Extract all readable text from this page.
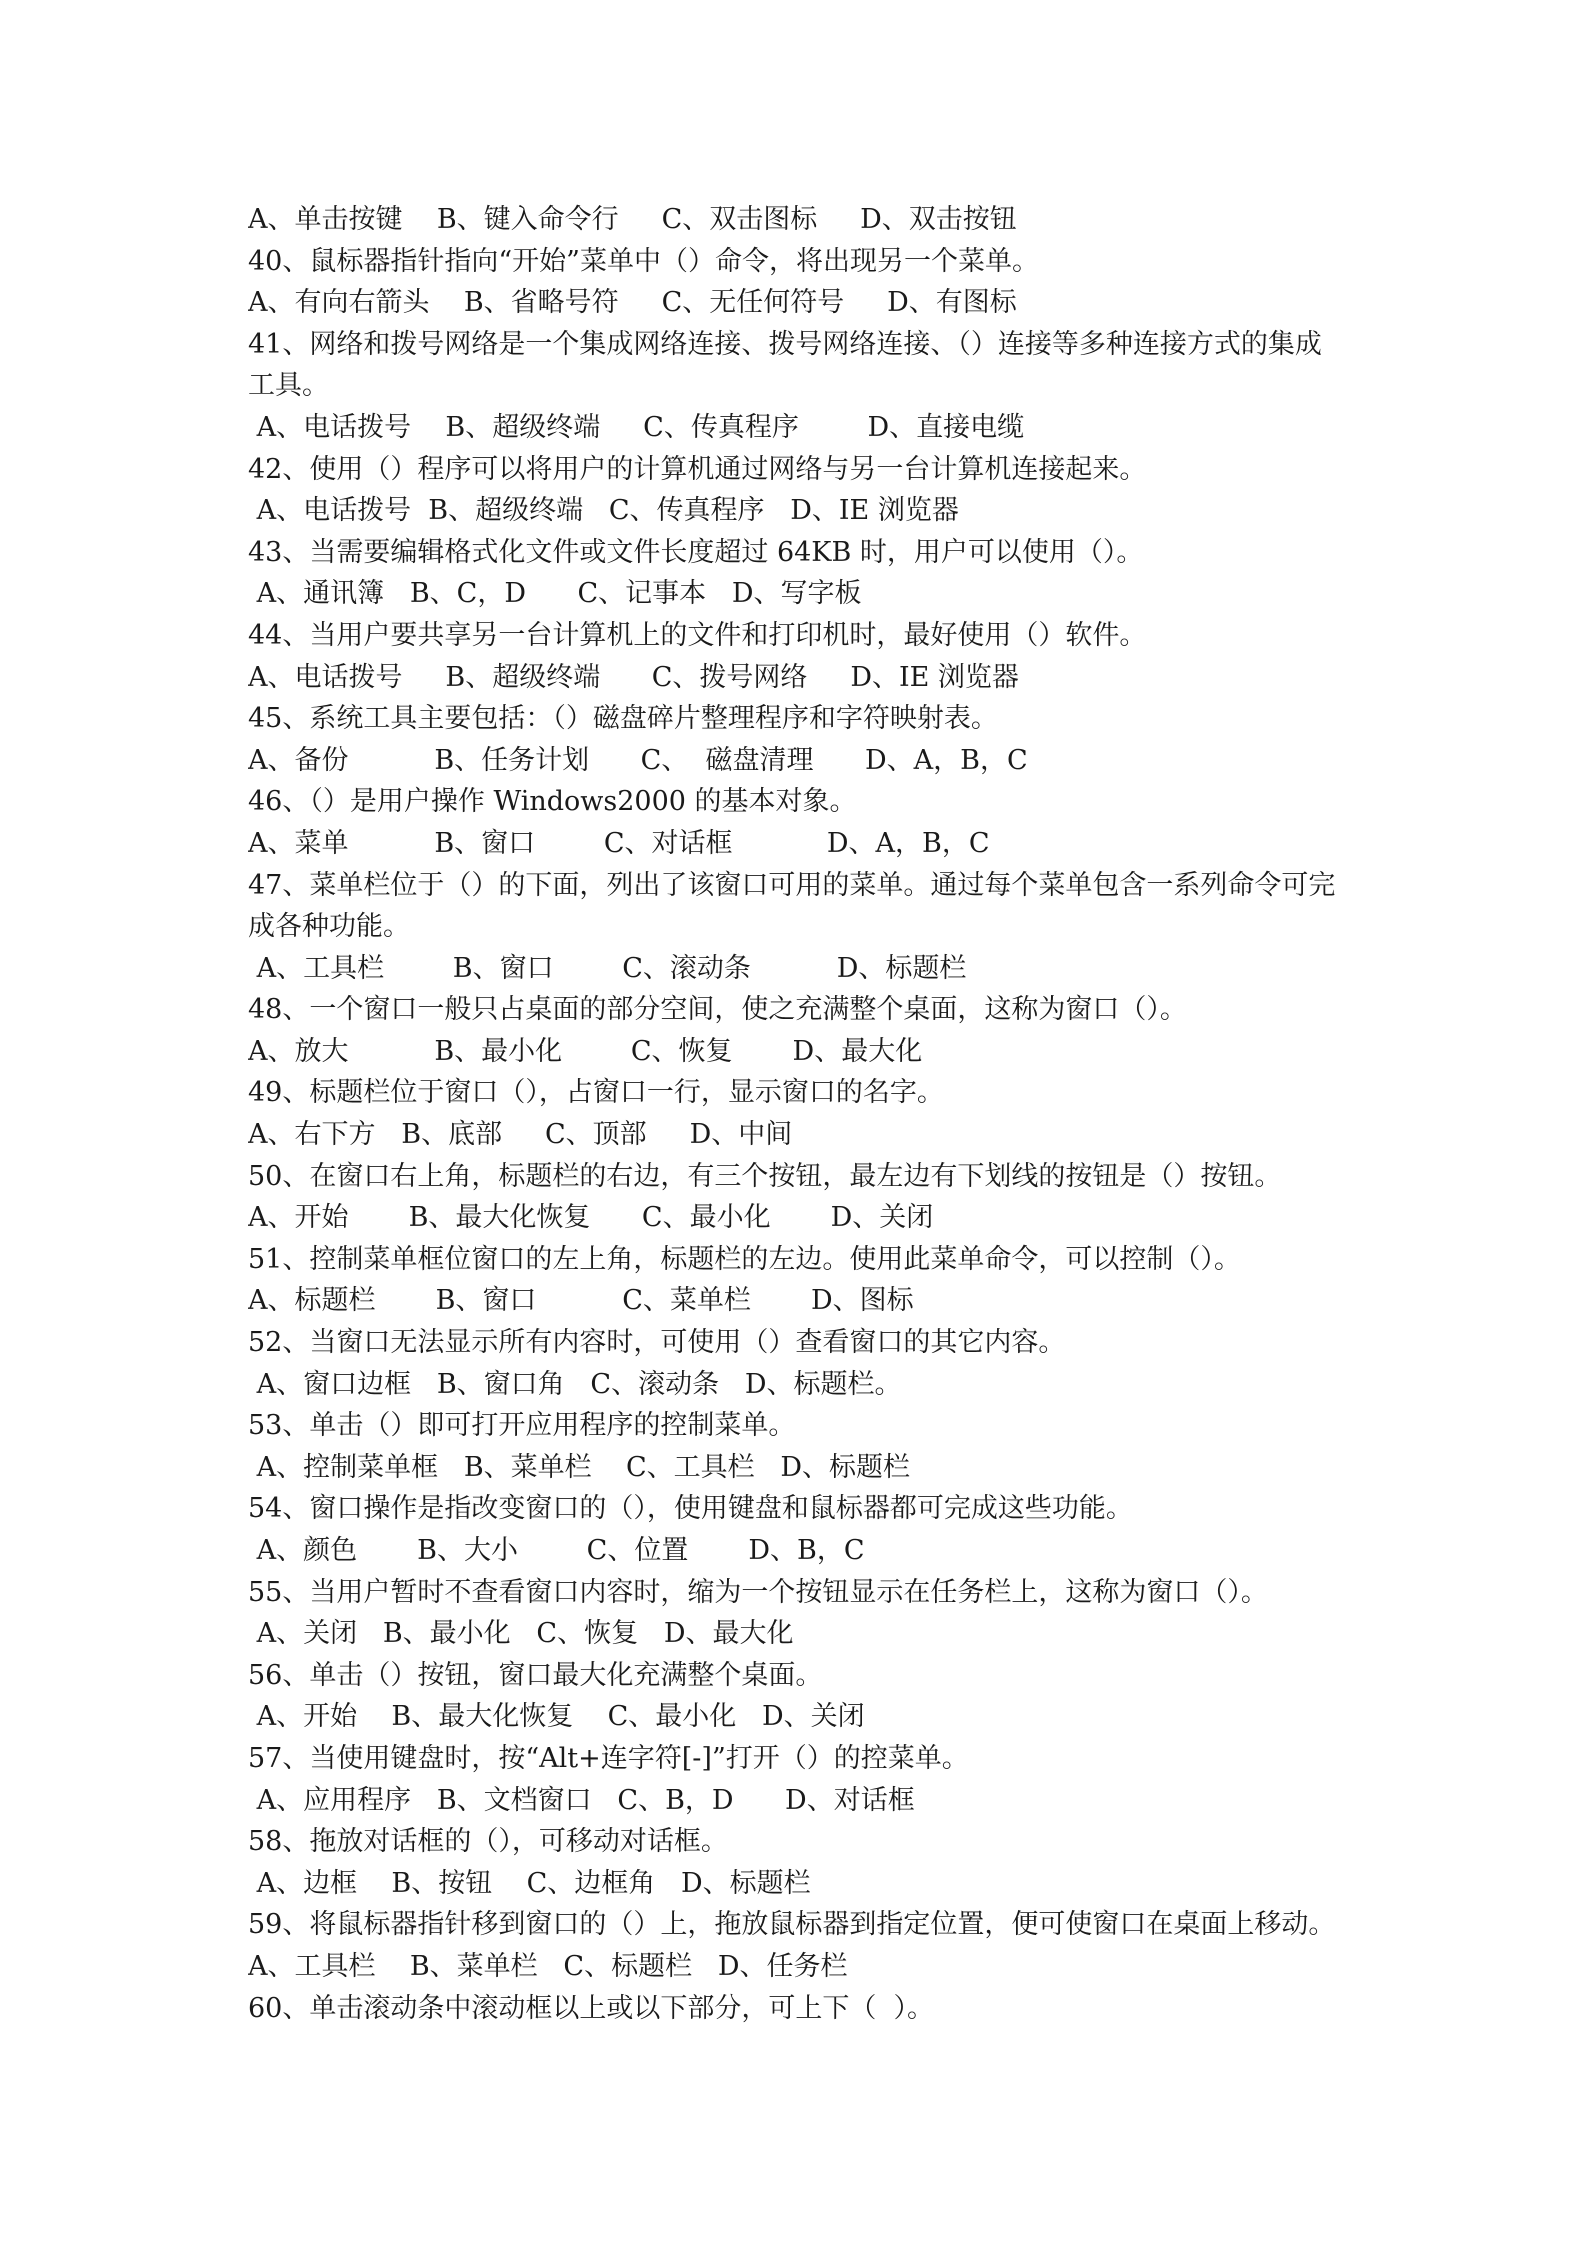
A、单击按键    B、键入命令行     C、双击图标     D、双击按钮
40、鼠标器指针指向“开始”菜单中（）命令，将出现另一个菜单。
A、有向右箭头    B、省略号符     C、无任何符号     D、有图标
41、网络和拨号网络是一个集成网络连接、拨号网络连接、（）连接等多种连接方式的集成
工具。
A、电话拨号    B、超级终端     C、传真程序        D、直接电缆
42、使用（）程序可以将用户的计算机通过网络与另一台计算机连接起来。
A、电话拨号  B、超级终端   C、传真程序   D、IE 浏览器
43、当需要编辑格式化文件或文件长度超过 64KB 时，用户可以使用（）。
A、通讯簿   B、C，D      C、记事本   D、写字板
44、当用户要共享另一台计算机上的文件和打印机时，最好使用（）软件。
A、电话拨号     B、超级终端      C、拨号网络     D、IE 浏览器
45、系统工具主要包括：（）磁盘碎片整理程序和字符映射表。
A、备份          B、任务计划      C、  磁盘清理      D、A，B，C
46、（）是用户操作 Windows2000 的基本对象。
A、菜单          B、窗口        C、对话框           D、A，B，C
47、菜单栏位于（）的下面，列出了该窗口可用的菜单。通过每个菜单包含一系列命令可完
成各种功能。
A、工具栏        B、窗口        C、滚动条          D、标题栏
48、一个窗口一般只占桌面的部分空间，使之充满整个桌面，这称为窗口（）。
A、放大          B、最小化        C、恢复       D、最大化
49、标题栏位于窗口（），占窗口一行，显示窗口的名字。
A、右下方   B、底部     C、顶部     D、中间
50、在窗口右上角，标题栏的右边，有三个按钮，最左边有下划线的按钮是（）按钮。
A、开始       B、最大化恢复      C、最小化       D、关闭
51、控制菜单框位窗口的左上角，标题栏的左边。使用此菜单命令，可以控制（）。
A、标题栏       B、窗口          C、菜单栏       D、图标
52、当窗口无法显示所有内容时，可使用（）查看窗口的其它内容。
A、窗口边框   B、窗口角   C、滚动条   D、标题栏。
53、单击（）即可打开应用程序的控制菜单。
A、控制菜单框   B、菜单栏    C、工具栏   D、标题栏
54、窗口操作是指改变窗口的（），使用键盘和鼠标器都可完成这些功能。
A、颜色       B、大小        C、位置       D、B，C
55、当用户暂时不查看窗口内容时，缩为一个按钮显示在任务栏上，这称为窗口（）。
A、关闭   B、最小化   C、恢复   D、最大化
56、单击（）按钮，窗口最大化充满整个桌面。
A、开始    B、最大化恢复    C、最小化   D、关闭
57、当使用键盘时，按“Alt+连字符[-]”打开（）的控菜单。
A、应用程序   B、文档窗口   C、B，D      D、对话框
58、拖放对话框的（），可移动对话框。
A、边框    B、按钮    C、边框角   D、标题栏
59、将鼠标器指针移到窗口的（）上，拖放鼠标器到指定位置，便可使窗口在桌面上移动。
A、工具栏    B、菜单栏   C、标题栏   D、任务栏
60、单击滚动条中滚动框以上或以下部分，可上下（  ）。
